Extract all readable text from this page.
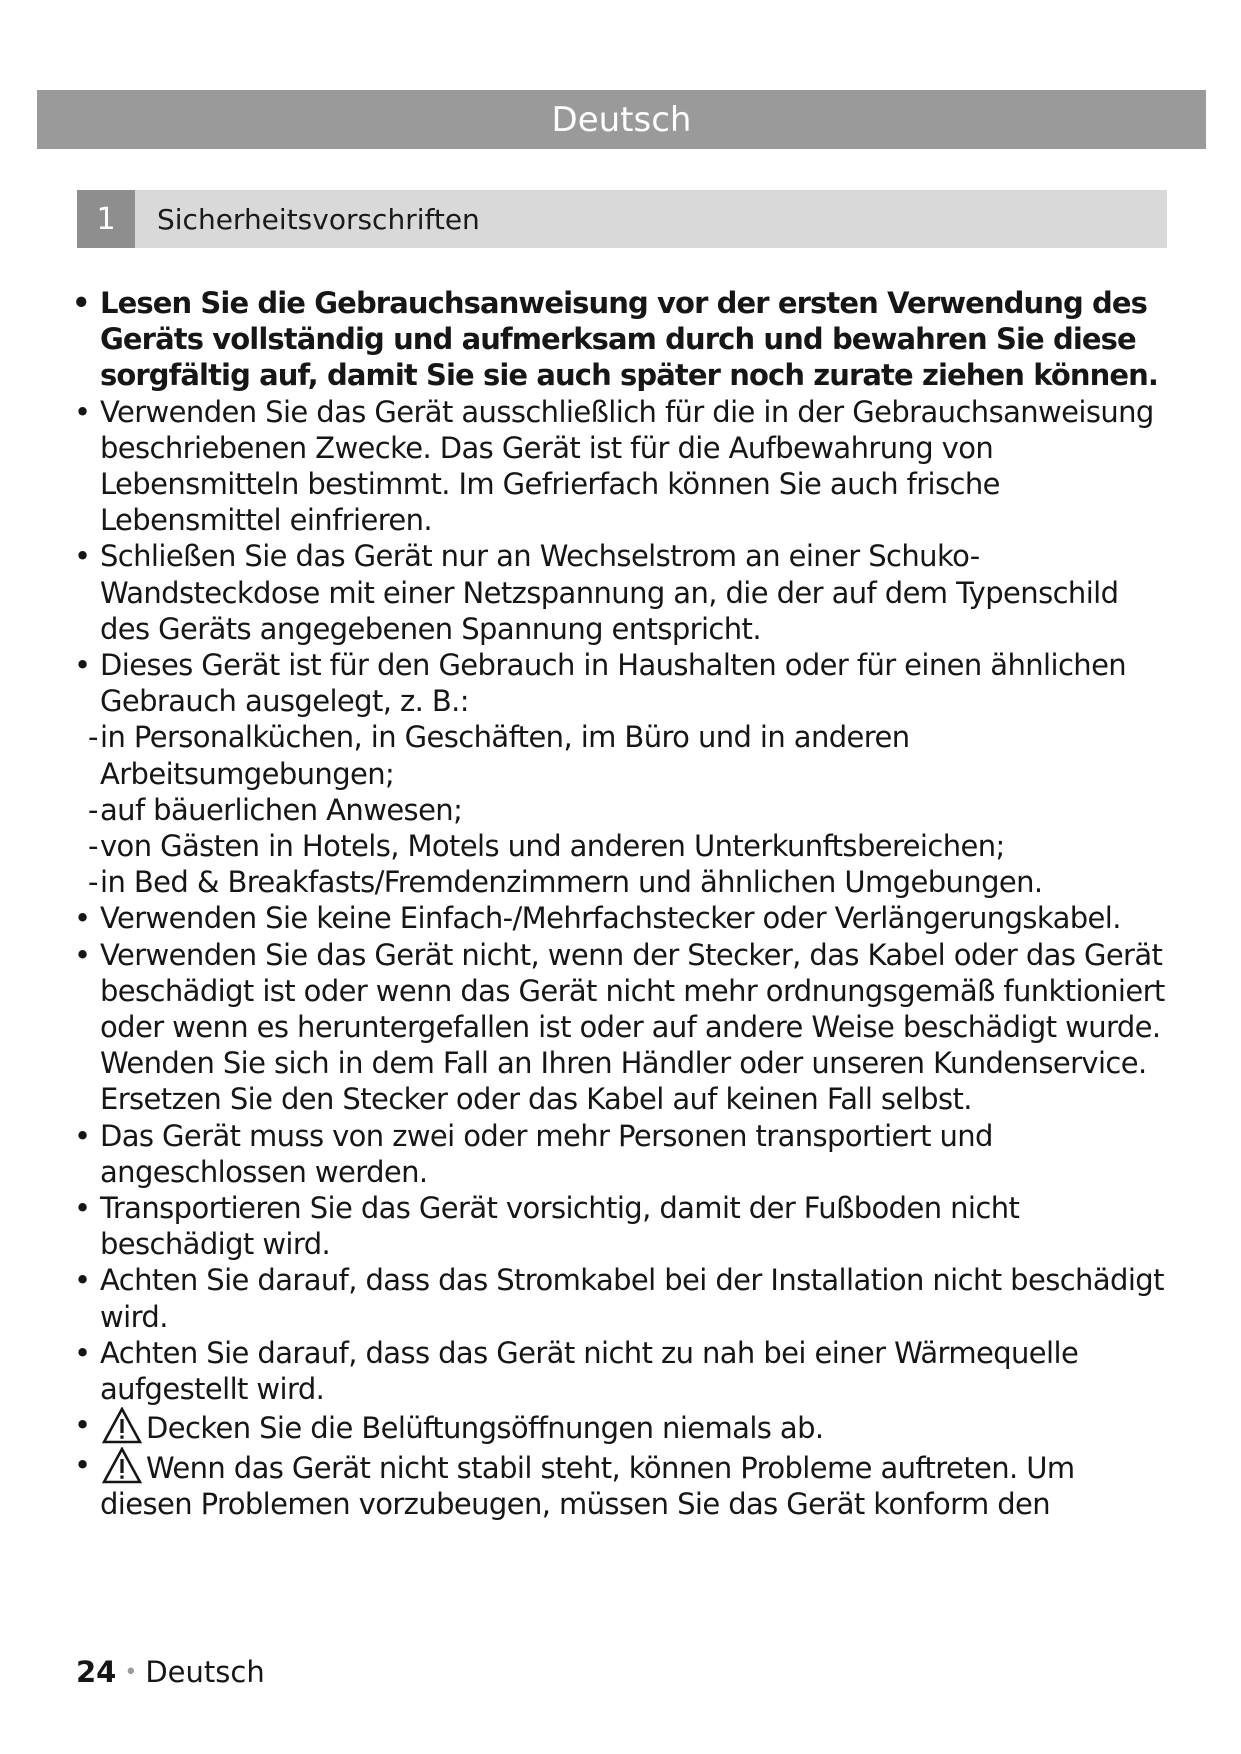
Deutsch
1	Sicherheitsvorschriften
• Lesen Sie die Gebrauchsanweisung vor der ersten Verwendung des Geräts vollständig und aufmerksam durch und bewahren Sie diese sorgfältig auf, damit Sie sie auch später noch zurate ziehen können.
• Verwenden Sie das Gerät ausschließlich für die in der Gebrauchsanweisung beschriebenen Zwecke. Das Gerät ist für die Aufbewahrung von Lebensmitteln bestimmt. Im Gefrierfach können Sie auch frische Lebensmittel einfrieren.
• Schließen Sie das Gerät nur an Wechselstrom an einer Schuko-Wandsteckdose mit einer Netzspannung an, die der auf dem Typenschild des Geräts angegebenen Spannung entspricht.
• Dieses Gerät ist für den Gebrauch in Haushalten oder für einen ähnlichen Gebrauch ausgelegt, z. B.:
- in Personalküchen, in Geschäften, im Büro und in anderen Arbeitsumgebungen;
- auf bäuerlichen Anwesen;
- von Gästen in Hotels, Motels und anderen Unterkunftsbereichen;
- in Bed & Breakfasts/Fremdenzimmern und ähnlichen Umgebungen.
• Verwenden Sie keine Einfach-/Mehrfachstecker oder Verlängerungskabel.
• Verwenden Sie das Gerät nicht, wenn der Stecker, das Kabel oder das Gerät beschädigt ist oder wenn das Gerät nicht mehr ordnungsgemäß funktioniert oder wenn es heruntergefallen ist oder auf andere Weise beschädigt wurde. Wenden Sie sich in dem Fall an Ihren Händler oder unseren Kundenservice. Ersetzen Sie den Stecker oder das Kabel auf keinen Fall selbst.
• Das Gerät muss von zwei oder mehr Personen transportiert und angeschlossen werden.
• Transportieren Sie das Gerät vorsichtig, damit der Fußboden nicht beschädigt wird.
• Achten Sie darauf, dass das Stromkabel bei der Installation nicht beschädigt wird.
• Achten Sie darauf, dass das Gerät nicht zu nah bei einer Wärmequelle aufgestellt wird.
• Decken Sie die Belüftungsöffnungen niemals ab.
• Wenn das Gerät nicht stabil steht, können Probleme auftreten. Um diesen Problemen vorzubeugen, müssen Sie das Gerät konform den
24 • Deutsch
